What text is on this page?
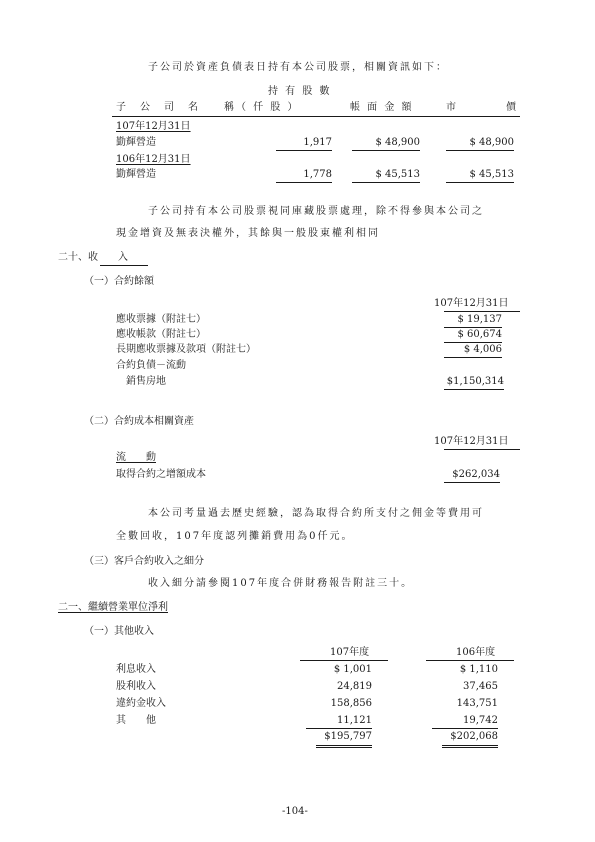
子公司於資產負債表日持有本公司股票，相關資訊如下：
持 有 股 數
子　公　司　名　　稱（ 仟 股 ）	帳 面 金 額	市　　　　價
107年12月31日
勤輝營造	1,917	$ 48,900	$ 48,900
106年12月31日
勤輝營造	1,778	$ 45,513	$ 45,513
子公司持有本公司股票視同庫藏股票處理，除不得參與本公司之
現金增資及無表決權外，其餘與一般股東權利相同
二十、收　　入
（一）合約餘額
107年12月31日
應收票據（附註七）	$ 19,137
應收帳款（附註七）	$ 60,674
長期應收票據及款項（附註七）	$ 4,006
合約負債－流動
銷售房地	$1,150,314
（二）合約成本相關資產
107年12月31日
流　　動
取得合約之增額成本	$262,034
本公司考量過去歷史經驗，認為取得合約所支付之佣金等費用可
全數回收，107年度認列攤銷費用為0仟元。
（三）客戶合約收入之細分
收入細分請參閱107年度合併財務報告附註三十。
二一、繼續營業單位淨利
（一）其他收入
107年度	106年度
利息收入	$ 1,001	$ 1,110
股利收入	24,819	37,465
違約金收入	158,856	143,751
其　　他	11,121	19,742
$195,797	$202,068
-104-
